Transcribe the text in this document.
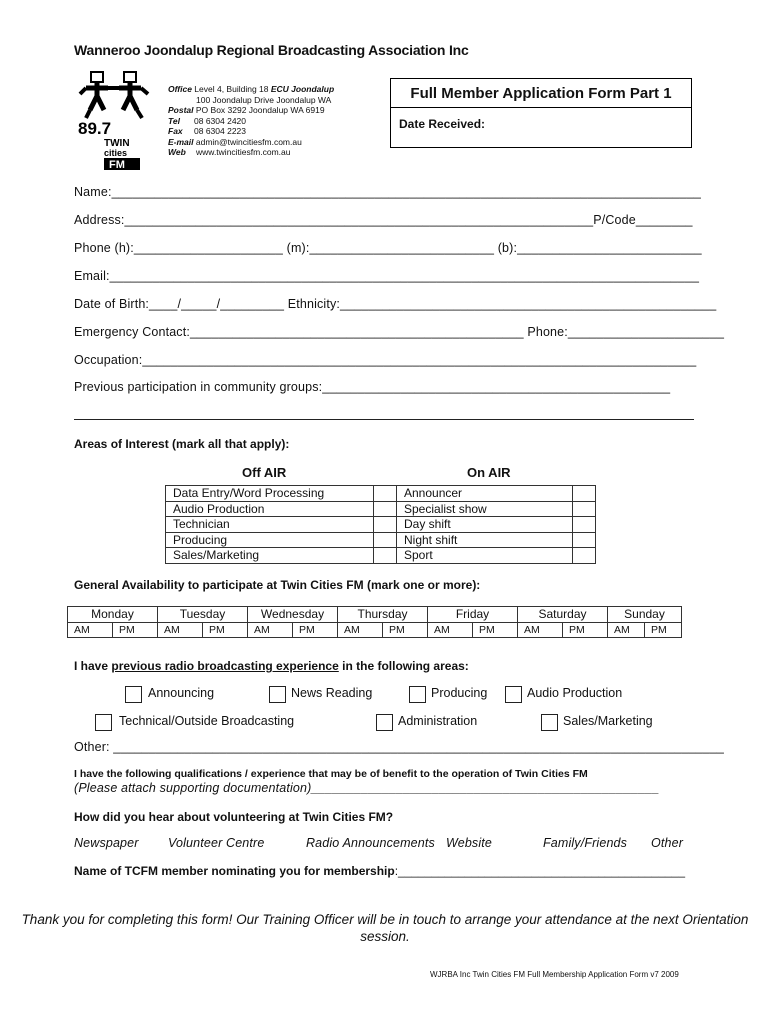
Wanneroo Joondalup Regional Broadcasting Association Inc
89.7
TWIN
cities
FM
Office Level 4, Building 18 ECU Joondalup
100 Joondalup Drive Joondalup WA
Postal PO Box 3292 Joondalup WA 6919
Tel 08 6304 2420
Fax 08 6304 2223
E-mail admin@twincitiesfm.com.au
Web www.twincitiesfm.com.au
Full Member Application Form Part 1
Date Received:
Name:___________________________________________________________________________________
Address:__________________________________________________________________P/Code________
Phone (h):_____________________ (m):__________________________ (b):__________________________
Email:___________________________________________________________________________________
Date of Birth:____/_____/_________ Ethnicity:_____________________________________________________
Emergency Contact:_______________________________________________ Phone:______________________
Occupation:______________________________________________________________________________
Previous participation in community groups:_________________________________________________
Areas of Interest (mark all that apply):
Off AIR	On AIR
Data Entry/Word Processing		Announcer	
Audio Production		Specialist show	
Technician		Day shift	
Producing		Night shift	
Sales/Marketing		Sport	
General Availability to participate at Twin Cities FM (mark one or more):
Monday		Tuesday		Wednesday		Thursday		Friday		Saturday		Sunday	
AM	PM	AM	PM	AM	PM	AM	PM	AM	PM	AM	PM	AM	PM
I have previous radio broadcasting experience in the following areas:
Announcing	News Reading	Producing	Audio Production
Technical/Outside Broadcasting	Administration	Sales/Marketing
Other: ______________________________________________________________________________________
I have the following qualifications / experience that may be of benefit to the operation of Twin Cities FM
(Please attach supporting documentation)_________________________________________________
How did you hear about volunteering at Twin Cities FM?
Newspaper Volunteer Centre	Radio Announcements Website	Family/Friends Other
Name of TCFM member nominating you for membership:___________________________________________
Thank you for completing this form! Our Training Officer will be in touch to arrange your attendance at the next Orientation session.
WJRBA Inc Twin Cities FM Full Membership Application Form v7 2009
